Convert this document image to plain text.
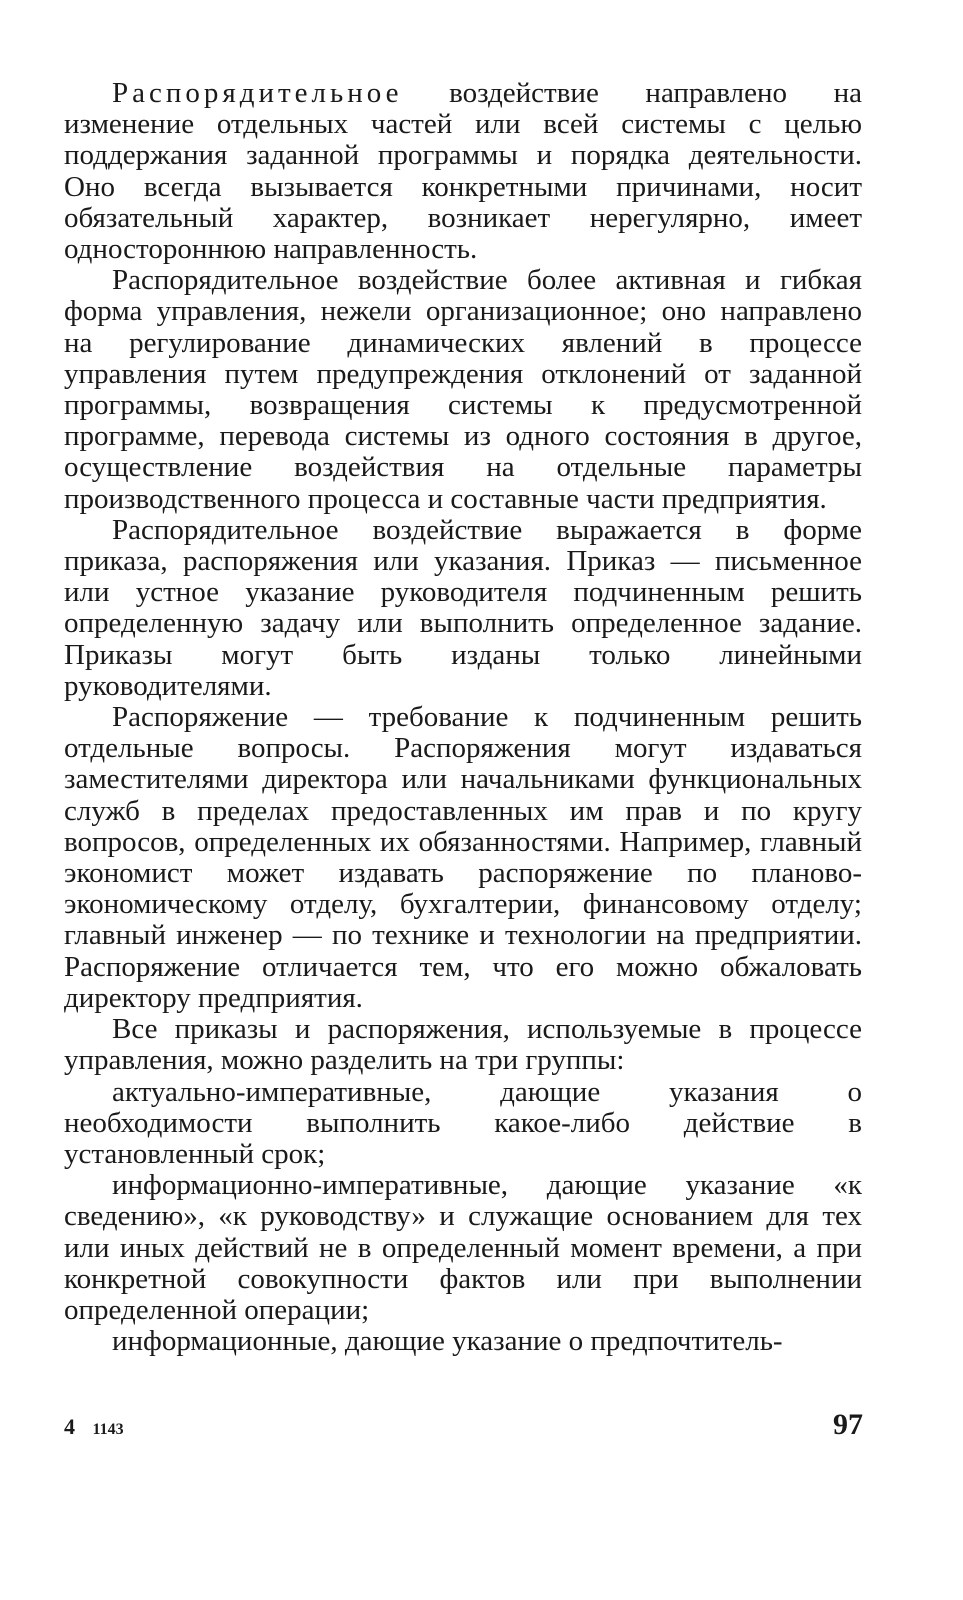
Распорядительное воздействие направлено на изменение отдельных частей или всей системы с целью поддержания заданной программы и порядка деятельности. Оно всегда вызывается конкретными причинами, носит обязательный характер, возникает нерегулярно, имеет одностороннюю направленность.

Распорядительное воздействие более активная и гибкая форма управления, нежели организационное; оно направлено на регулирование динамических явлений в процессе управления путем предупреждения отклонений от заданной программы, возвращения системы к предусмотренной программе, перевода системы из одного состояния в другое, осуществление воздействия на отдельные параметры производственного процесса и составные части предприятия.

Распорядительное воздействие выражается в форме приказа, распоряжения или указания. Приказ — письменное или устное указание руководителя подчиненным решить определенную задачу или выполнить определенное задание. Приказы могут быть изданы только линейными руководителями.

Распоряжение — требование к подчиненным решить отдельные вопросы. Распоряжения могут издаваться заместителями директора или начальниками функциональных служб в пределах предоставленных им прав и по кругу вопросов, определенных их обязанностями. Например, главный экономист может издавать распоряжение по планово-экономическому отделу, бухгалтерии, финансовому отделу; главный инженер — по технике и технологии на предприятии. Распоряжение отличается тем, что его можно обжаловать директору предприятия.

Все приказы и распоряжения, используемые в процессе управления, можно разделить на три группы:

актуально-императивные, дающие указания о необходимости выполнить какое-либо действие в установленный срок;

информационно-императивные, дающие указание «к сведению», «к руководству» и служащие основанием для тех или иных действий не в определенный момент времени, а при конкретной совокупности фактов или при выполнении определенной операции;

информационные, дающие указание о предпочтитель-

4 1143	97
